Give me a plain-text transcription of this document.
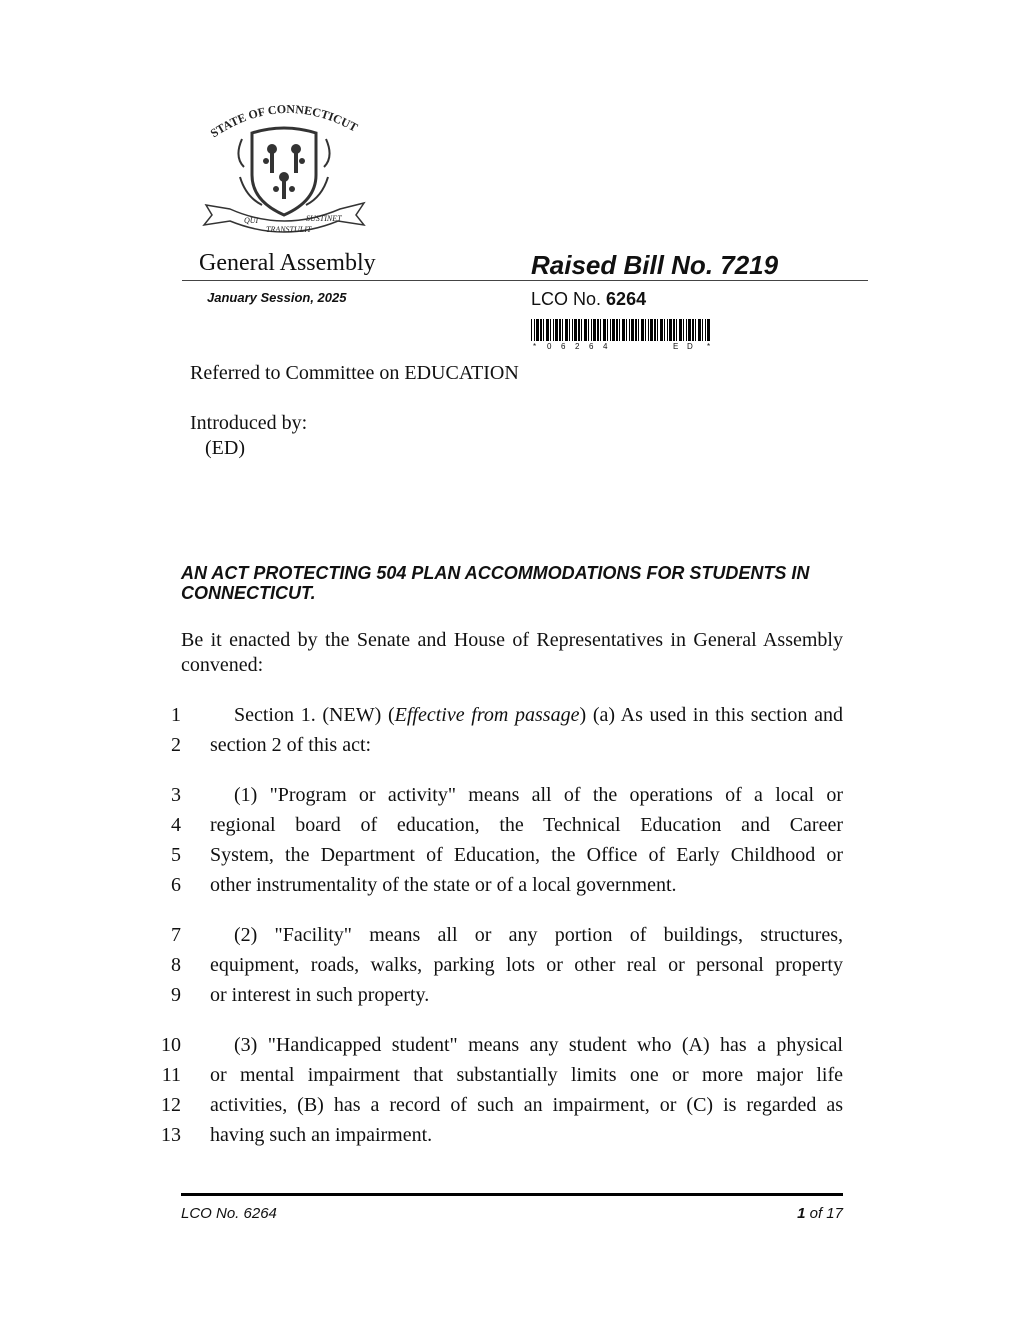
STATE OF CONNECTICUT
QUI
TRANSTULIT
SUSTINET
General Assembly	Raised Bill No. 7219
January Session, 2025	LCO No. 6264
* 0 6 2 6 4	E D *
Referred to Committee on EDUCATION
Introduced by:
(ED)
AN ACT PROTECTING 504 PLAN ACCOMMODATIONS FOR STUDENTS IN CONNECTICUT.
Be it enacted by the Senate and House of Representatives in General Assembly convened:
1	Section 1. (NEW) (Effective from passage) (a) As used in this section and
2 section 2 of this act:
3	(1) "Program or activity" means all of the operations of a local or
4 regional board of education, the Technical Education and Career
5 System, the Department of Education, the Office of Early Childhood or
6 other instrumentality of the state or of a local government.
7	(2) "Facility" means all or any portion of buildings, structures,
8 equipment, roads, walks, parking lots or other real or personal property
9 or interest in such property.
10	(3) "Handicapped student" means any student who (A) has a physical
11 or mental impairment that substantially limits one or more major life
12 activities, (B) has a record of such an impairment, or (C) is regarded as
13 having such an impairment.
LCO No. 6264	1 of 17
